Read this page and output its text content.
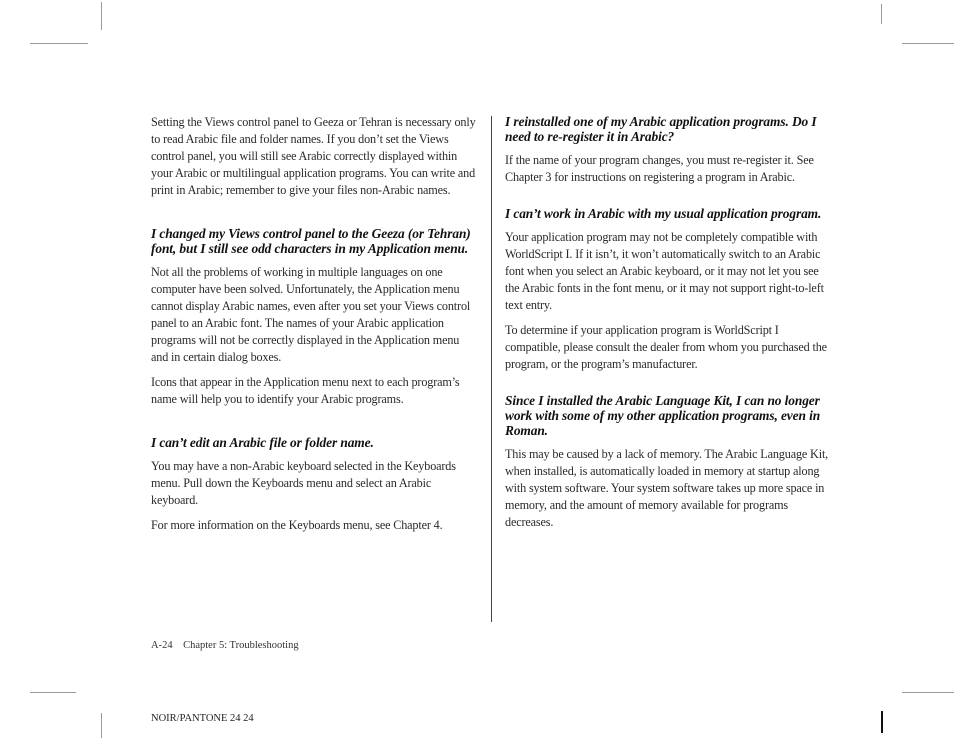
Setting the Views control panel to Geeza or Tehran is necessary only to read Arabic file and folder names. If you don’t set the Views control panel, you will still see Arabic correctly displayed within your Arabic or multilingual application programs. You can write and print in Arabic; remember to give your files non-Arabic names.

I changed my Views control panel to the Geeza (or Tehran) font, but I still see odd characters in my Application menu.

Not all the problems of working in multiple languages on one computer have been solved. Unfortunately, the Application menu cannot display Arabic names, even after you set your Views control panel to an Arabic font. The names of your Arabic application programs will not be correctly displayed in the Application menu and in certain dialog boxes.

Icons that appear in the Application menu next to each program’s name will help you to identify your Arabic programs.

I can’t edit an Arabic file or folder name.

You may have a non-Arabic keyboard selected in the Keyboards menu. Pull down the Keyboards menu and select an Arabic keyboard.

For more information on the Keyboards menu, see Chapter 4.

I reinstalled one of my Arabic application programs. Do I need to re-register it in Arabic?

If the name of your program changes, you must re-register it. See Chapter 3 for instructions on registering a program in Arabic.

I can’t work in Arabic with my usual application program.

Your application program may not be completely compatible with WorldScript I. If it isn’t, it won’t automatically switch to an Arabic font when you select an Arabic keyboard, or it may not let you see the Arabic fonts in the font menu, or it may not support right-to-left text entry.

To determine if your application program is WorldScript I compatible, please consult the dealer from whom you purchased the program, or the program’s manufacturer.

Since I installed the Arabic Language Kit, I can no longer work with some of my other application programs, even in Roman.

This may be caused by a lack of memory. The Arabic Language Kit, when installed, is automatically loaded in memory at startup along with system software. Your system software takes up more space in memory, and the amount of memory available for programs decreases.

A-24    Chapter 5: Troubleshooting
NOIR/PANTONE 24 24
